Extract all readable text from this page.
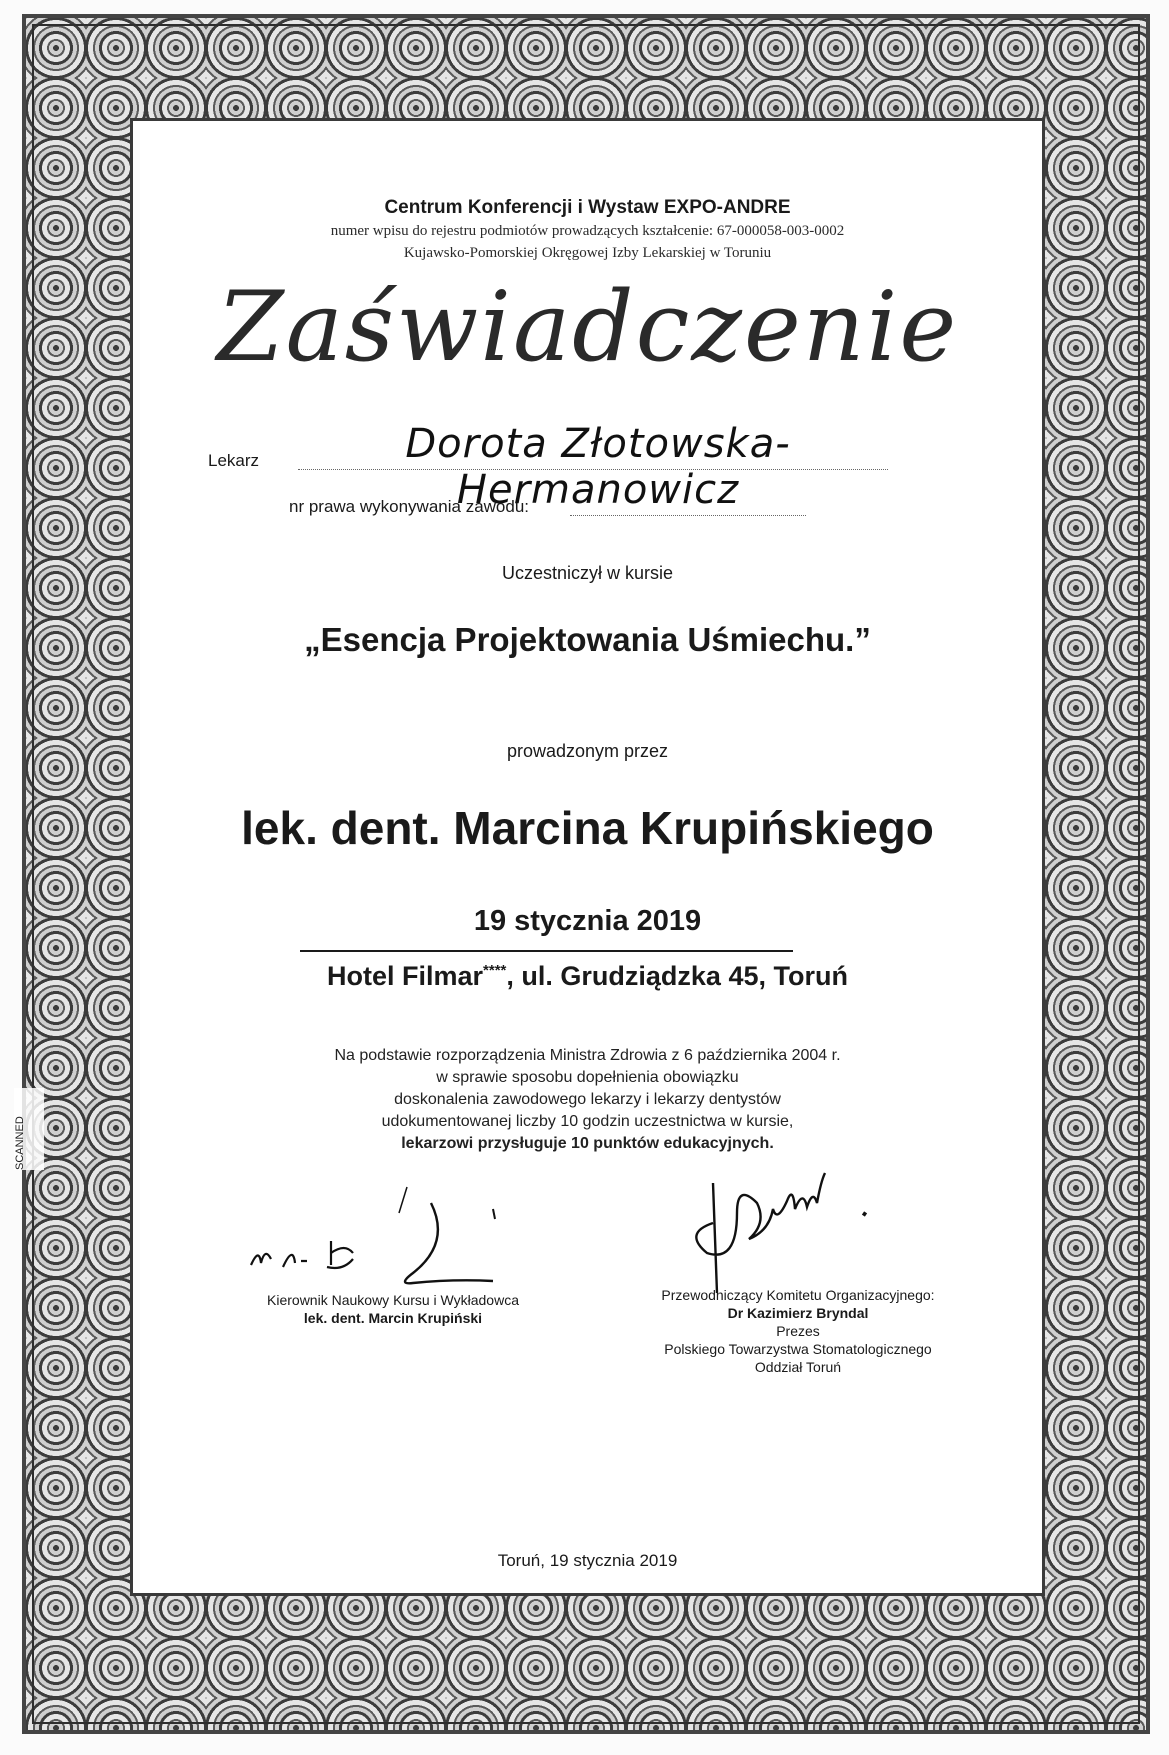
Centrum Konferencji i Wystaw EXPO-ANDRE
numer wpisu do rejestru podmiotów prowadzących kształcenie: 67-000058-003-0002
Kujawsko-Pomorskiej Okręgowej Izby Lekarskiej w Toruniu
Zaświadczenie
Lekarz	Dorota Złotowska-Hermanowicz
nr prawa wykonywania zawodu:
Uczestniczył w kursie
„Esencja Projektowania Uśmiechu.”
prowadzonym przez
lek. dent. Marcina Krupińskiego
19 stycznia 2019
Hotel Filmar****, ul. Grudziądzka 45, Toruń
Na podstawie rozporządzenia Ministra Zdrowia z 6 października 2004 r.
w sprawie sposobu dopełnienia obowiązku
doskonalenia zawodowego lekarzy i lekarzy dentystów
udokumentowanej liczby 10 godzin uczestnictwa w kursie,
lekarzowi przysługuje 10 punktów edukacyjnych.
Kierownik Naukowy Kursu i Wykładowca
lek. dent. Marcin Krupiński
Przewodniczący Komitetu Organizacyjnego:
Dr Kazimierz Bryndal
Prezes
Polskiego Towarzystwa Stomatologicznego
Oddział Toruń
Toruń, 19 stycznia 2019
SCANNED
